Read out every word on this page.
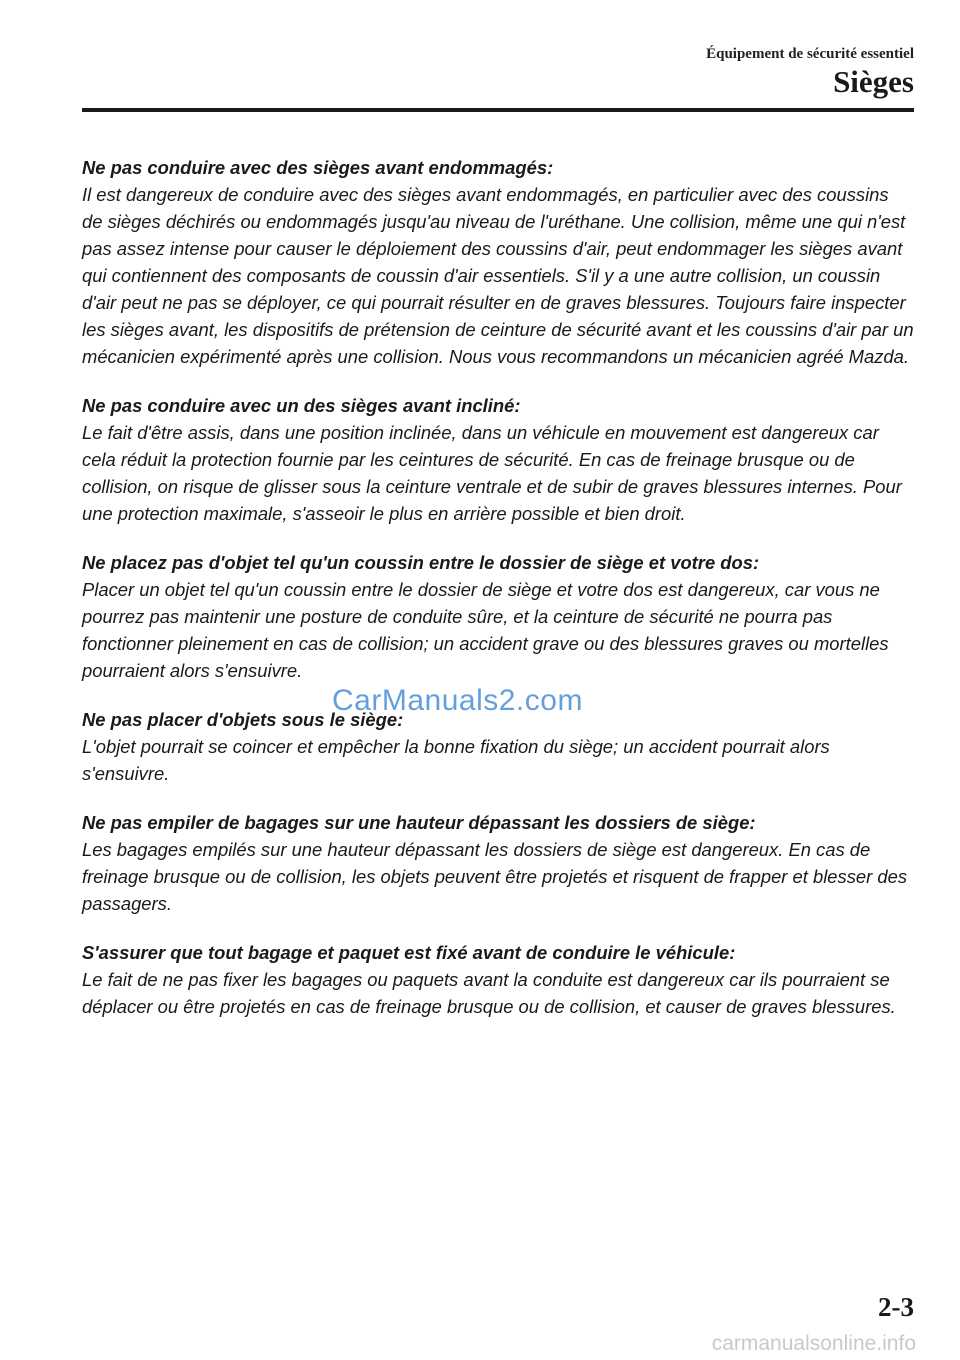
Équipement de sécurité essentiel
Sièges
Ne pas conduire avec des sièges avant endommagés:
Il est dangereux de conduire avec des sièges avant endommagés, en particulier avec des coussins de sièges déchirés ou endommagés jusqu'au niveau de l'uréthane. Une collision, même une qui n'est pas assez intense pour causer le déploiement des coussins d'air, peut endommager les sièges avant qui contiennent des composants de coussin d'air essentiels. S'il y a une autre collision, un coussin d'air peut ne pas se déployer, ce qui pourrait résulter en de graves blessures. Toujours faire inspecter les sièges avant, les dispositifs de prétension de ceinture de sécurité avant et les coussins d'air par un mécanicien expérimenté après une collision. Nous vous recommandons un mécanicien agréé Mazda.
Ne pas conduire avec un des sièges avant incliné:
Le fait d'être assis, dans une position inclinée, dans un véhicule en mouvement est dangereux car cela réduit la protection fournie par les ceintures de sécurité. En cas de freinage brusque ou de collision, on risque de glisser sous la ceinture ventrale et de subir de graves blessures internes. Pour une protection maximale, s'asseoir le plus en arrière possible et bien droit.
Ne placez pas d'objet tel qu'un coussin entre le dossier de siège et votre dos:
Placer un objet tel qu'un coussin entre le dossier de siège et votre dos est dangereux, car vous ne pourrez pas maintenir une posture de conduite sûre, et la ceinture de sécurité ne pourra pas fonctionner pleinement en cas de collision; un accident grave ou des blessures graves ou mortelles pourraient alors s'ensuivre.
Ne pas placer d'objets sous le siège:
L'objet pourrait se coincer et empêcher la bonne fixation du siège; un accident pourrait alors s'ensuivre.
Ne pas empiler de bagages sur une hauteur dépassant les dossiers de siège:
Les bagages empilés sur une hauteur dépassant les dossiers de siège est dangereux. En cas de freinage brusque ou de collision, les objets peuvent être projetés et risquent de frapper et blesser des passagers.
S'assurer que tout bagage et paquet est fixé avant de conduire le véhicule:
Le fait de ne pas fixer les bagages ou paquets avant la conduite est dangereux car ils pourraient se déplacer ou être projetés en cas de freinage brusque ou de collision, et causer de graves blessures.
CarManuals2.com
2-3
carmanualsonline.info
